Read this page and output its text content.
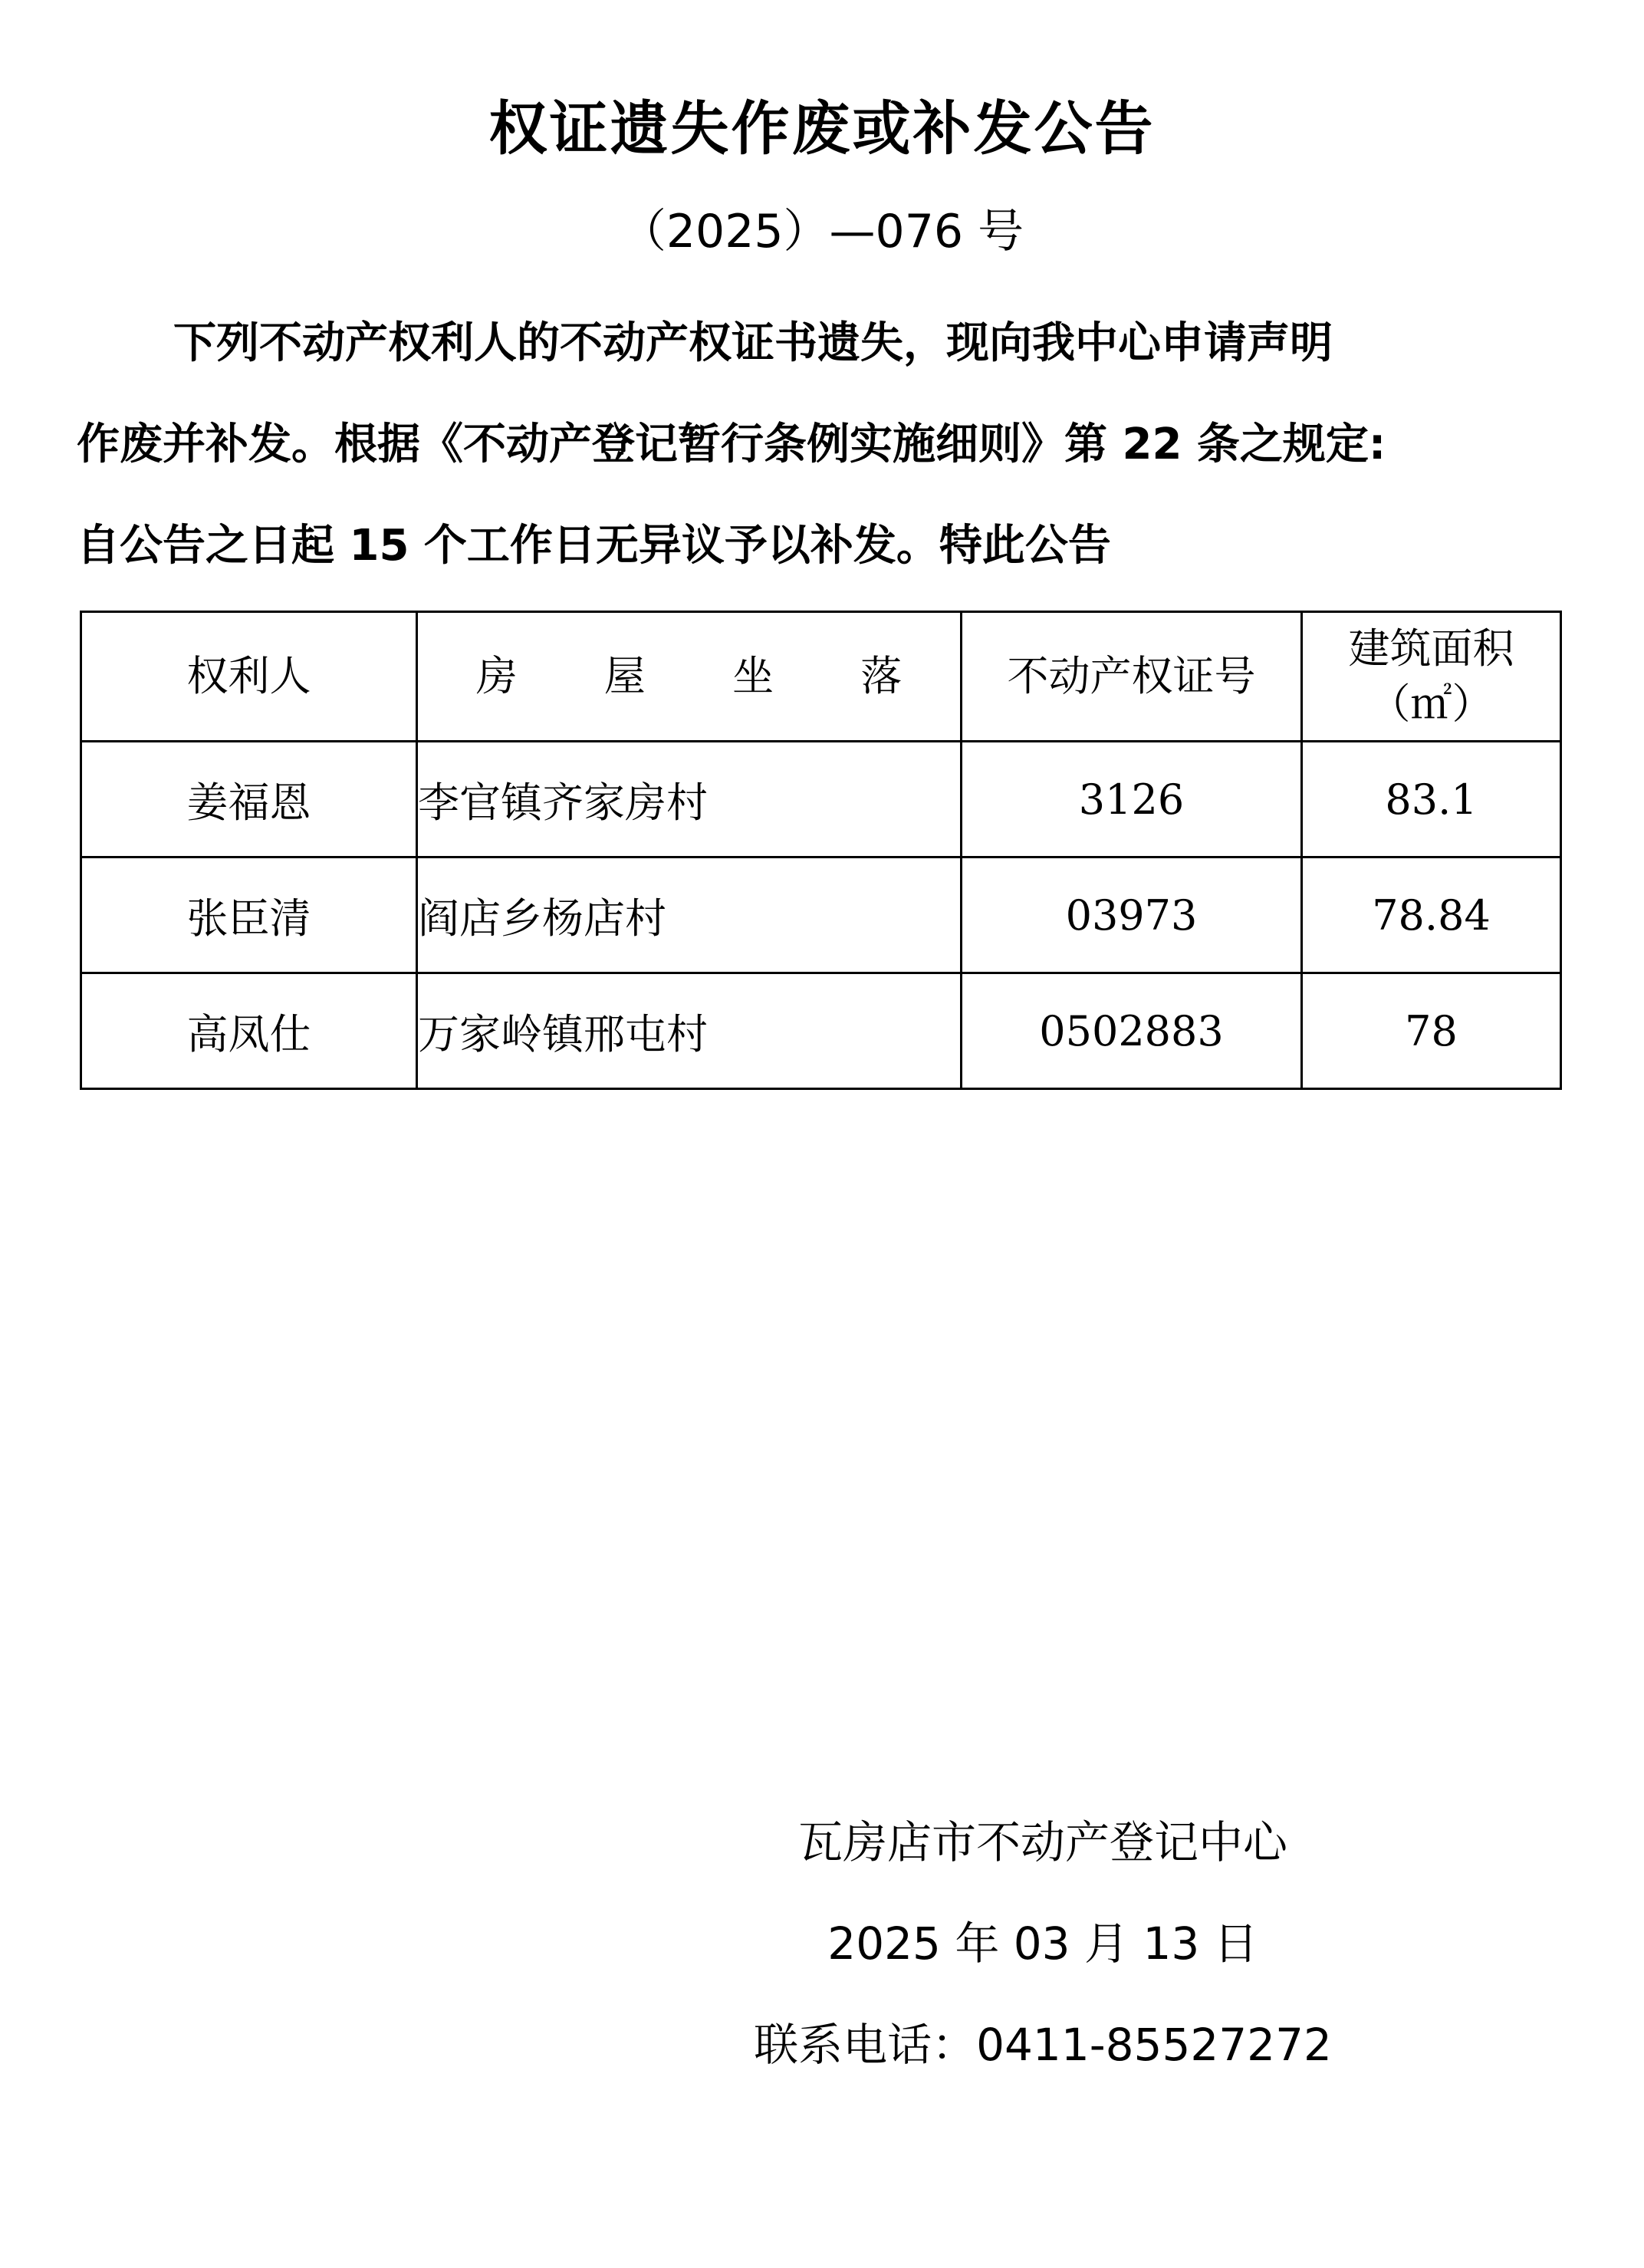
权证遗失作废或补发公告
（2025）—076 号
下列不动产权利人的不动产权证书遗失，现向我中心申请声明
作废并补发。根据《不动产登记暂行条例实施细则》第 22 条之规定:
自公告之日起 15 个工作日无异议予以补发。特此公告
权利人	房 屋 坐 落	不动产权证号	建筑面积
（㎡）

姜福恩	李官镇齐家房村	3126	83.1
张臣清	阎店乡杨店村	03973	78.84
高凤仕	万家岭镇邢屯村	0502883	78
瓦房店市不动产登记中心
2025 年 03 月 13 日
联系电话：0411-85527272
